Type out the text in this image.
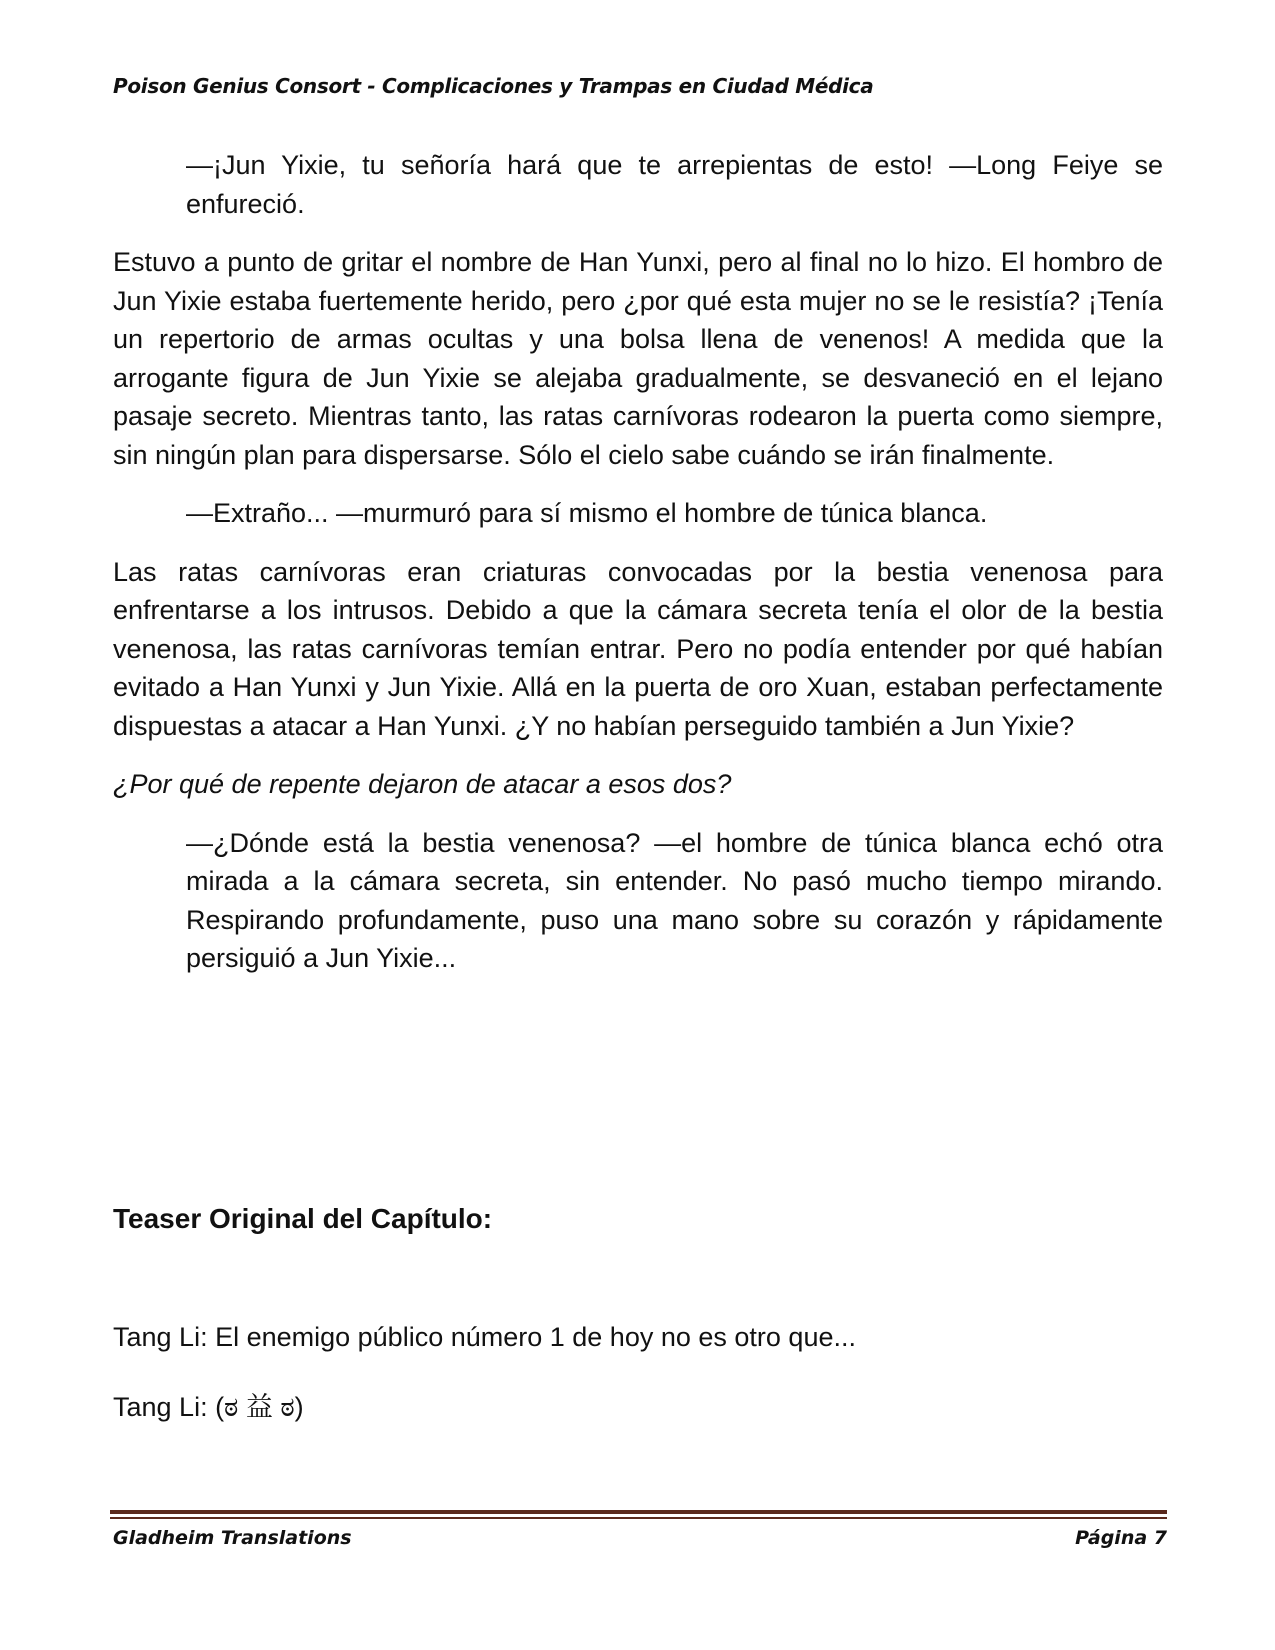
Poison Genius Consort - Complicaciones y Trampas en Ciudad Médica

—¡Jun Yixie, tu señoría hará que te arrepientas de esto! —Long Feiye se enfureció.

Estuvo a punto de gritar el nombre de Han Yunxi, pero al final no lo hizo. El hombro de Jun Yixie estaba fuertemente herido, pero ¿por qué esta mujer no se le resistía? ¡Tenía un repertorio de armas ocultas y una bolsa llena de venenos! A medida que la arrogante figura de Jun Yixie se alejaba gradualmente, se desvaneció en el lejano pasaje secreto. Mientras tanto, las ratas carnívoras rodearon la puerta como siempre, sin ningún plan para dispersarse. Sólo el cielo sabe cuándo se irán finalmente.

—Extraño... —murmuró para sí mismo el hombre de túnica blanca.

Las ratas carnívoras eran criaturas convocadas por la bestia venenosa para enfrentarse a los intrusos. Debido a que la cámara secreta tenía el olor de la bestia venenosa, las ratas carnívoras temían entrar. Pero no podía entender por qué habían evitado a Han Yunxi y Jun Yixie. Allá en la puerta de oro Xuan, estaban perfectamente dispuestas a atacar a Han Yunxi. ¿Y no habían perseguido también a Jun Yixie?

¿Por qué de repente dejaron de atacar a esos dos?

—¿Dónde está la bestia venenosa? —el hombre de túnica blanca echó otra mirada a la cámara secreta, sin entender. No pasó mucho tiempo mirando. Respirando profundamente, puso una mano sobre su corazón y rápidamente persiguió a Jun Yixie...

Teaser Original del Capítulo:
Tang Li: El enemigo público número 1 de hoy no es otro que...
Tang Li: (ಠ 益 ಠ)
Gladheim Translations	Página 7
